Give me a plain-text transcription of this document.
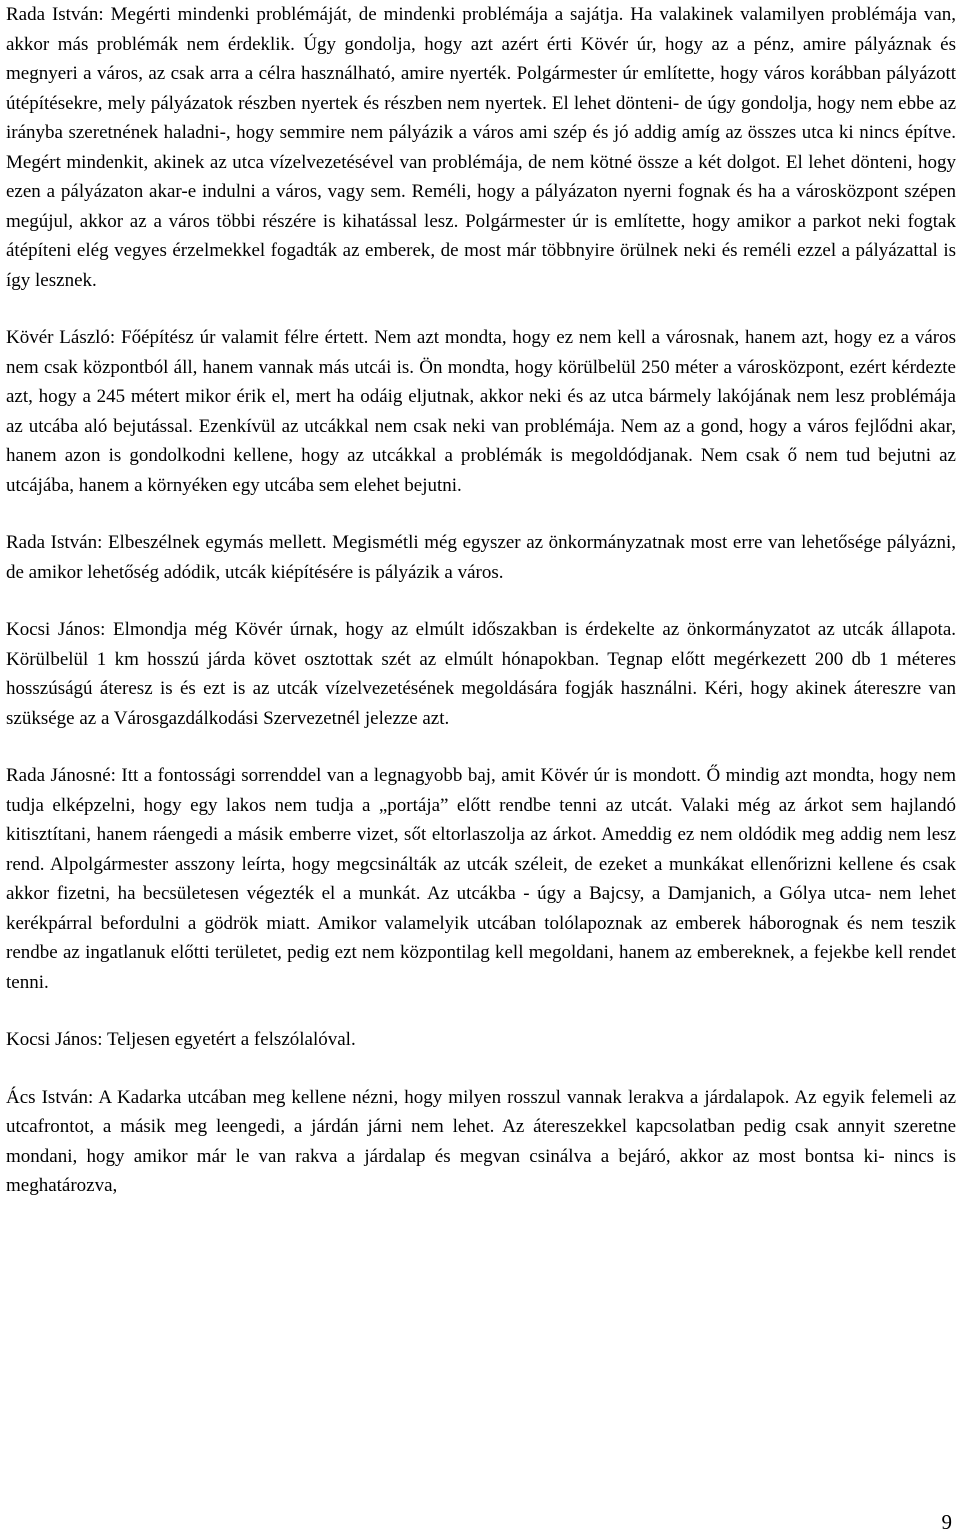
Rada István: Megérti mindenki problémáját, de mindenki problémája a sajátja. Ha valakinek valamilyen problémája van, akkor más problémák nem érdeklik. Úgy gondolja, hogy azt azért érti Kövér úr, hogy az a pénz, amire pályáznak és megnyeri a város, az csak arra a célra használható, amire nyerték. Polgármester úr említette, hogy város korábban pályázott útépítésekre, mely pályázatok részben nyertek és részben nem nyertek. El lehet dönteni- de úgy gondolja, hogy nem ebbe az irányba szeretnének haladni-, hogy semmire nem pályázik a város ami szép és jó addig amíg az összes utca ki nincs építve. Megért mindenkit, akinek az utca vízelvezetésével van problémája, de nem kötné össze a két dolgot. El lehet dönteni, hogy ezen a pályázaton akar-e indulni a város, vagy sem. Reméli, hogy a pályázaton nyerni fognak és ha a városközpont szépen megújul, akkor az a város többi részére is kihatással lesz. Polgármester úr is említette, hogy amikor a parkot neki fogtak átépíteni elég vegyes érzelmekkel fogadták az emberek, de most már többnyire örülnek neki és reméli ezzel a pályázattal is így lesznek.

Kövér László: Főépítész úr valamit félre értett. Nem azt mondta, hogy ez nem kell a városnak, hanem azt, hogy ez a város nem csak központból áll, hanem vannak más utcái is. Ön mondta, hogy körülbelül 250 méter a városközpont, ezért kérdezte azt, hogy a 245 métert mikor érik el, mert ha odáig eljutnak, akkor neki és az utca bármely lakójának nem lesz problémája az utcába aló bejutással. Ezenkívül az utcákkal nem csak neki van problémája. Nem az a gond, hogy a város fejlődni akar, hanem azon is gondolkodni kellene, hogy az utcákkal a problémák is megoldódjanak. Nem csak ő nem tud bejutni az utcájába, hanem a környéken egy utcába sem elehet bejutni.

Rada István: Elbeszélnek egymás mellett. Megismétli még egyszer az önkormányzatnak most erre van lehetősége pályázni, de amikor lehetőség adódik, utcák kiépítésére is pályázik a város.

Kocsi János: Elmondja még Kövér úrnak, hogy az elmúlt időszakban is érdekelte az önkormányzatot az utcák állapota. Körülbelül 1 km hosszú járda követ osztottak szét az elmúlt hónapokban. Tegnap előtt megérkezett 200 db 1 méteres hosszúságú áteresz is és ezt is az utcák vízelvezetésének megoldására fogják használni. Kéri, hogy akinek átereszre van szüksége az a Városgazdálkodási Szervezetnél jelezze azt.

Rada Jánosné: Itt a fontossági sorrenddel van a legnagyobb baj, amit Kövér úr is mondott. Ő mindig azt mondta, hogy nem tudja elképzelni, hogy egy lakos nem tudja a „portája” előtt rendbe tenni az utcát. Valaki még az árkot sem hajlandó kitisztítani, hanem ráengedi a másik emberre vizet, sőt eltorlaszolja az árkot. Ameddig ez nem oldódik meg addig nem lesz rend. Alpolgármester asszony leírta, hogy megcsinálták az utcák széleit, de ezeket a munkákat ellenőrizni kellene és csak akkor fizetni, ha becsületesen végezték el a munkát. Az utcákba - úgy a Bajcsy, a Damjanich, a Gólya utca- nem lehet kerékpárral befordulni a gödrök miatt. Amikor valamelyik utcában tolólapoznak az emberek háborognak és nem teszik rendbe az ingatlanuk előtti területet, pedig ezt nem központilag kell megoldani, hanem az embereknek, a fejekbe kell rendet tenni.

Kocsi János: Teljesen egyetért a felszólalóval.

Ács István: A Kadarka utcában meg kellene nézni, hogy milyen rosszul vannak lerakva a járdalapok. Az egyik felemeli az utcafrontot, a másik meg leengedi, a járdán járni nem lehet. Az átereszekkel kapcsolatban pedig csak annyit szeretne mondani, hogy amikor már le van rakva a járdalap és megvan csinálva a bejáró, akkor az most bontsa ki- nincs is meghatározva,

9
